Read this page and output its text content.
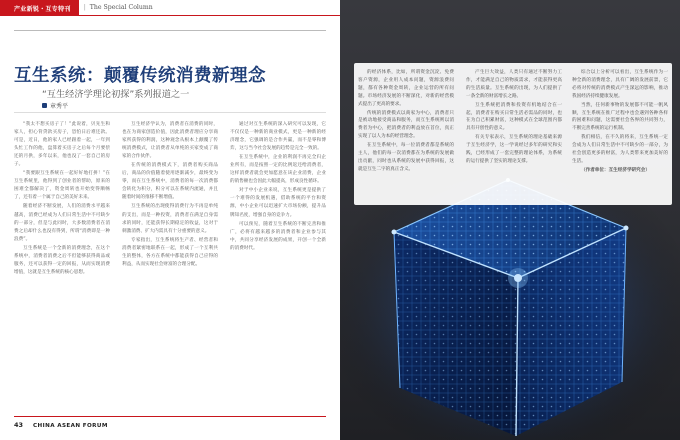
产业新锐・互专特刊	| The Special Column
互生系统：颠覆传统消费新理念
“互生经济学理论初探”系列报道之一
章秀平

“我太不想买房子了！”此说着，贝先生和家人，担心背贷款买房子，恐怕日后难还款。可是，近日，他的家人已经跟着一起，一年到头忙工作的他，盘算着买房子之后每个月要偿还的月供，多年以来，他也没了一套自己的房子。

“我要跟互生系统在一起好好地打拼！”在互生系统里，他得到了创业者的帮助，原来的困难全都解决了，资金周转也开始变得顺畅了，还有着一个属于自己的美好未来。

随着经济不断发展，人们的消费水平越来越高，消费已经成为人们日常生活中不可缺少的一部分，但是与此同时，大多数消费者在消费之后却什么也没有得到，所谓“消费即是一种浪费”。

互生系统是一个全新的消费理念，在这个系统中，消费者消费之后不但能够获得商品或服务，还可以获得一定的回报，从而实现消费增值，这就是互生系统的核心思想。

互生经济学认为，消费者在消费的同时，也在为商家创造价值，因此消费者理应分享商家所获得的利润，这种观念从根本上颠覆了传统消费模式，让消费者从单纯的买家变成了商家的合作伙伴。

在传统的消费模式下，消费者购买商品后，商品的价值随着使用逐渐减少，最终变为零，而在互生系统中，消费者的每一次消费都会转化为积分，积分可以在系统内流通，并且随着时间的推移不断增值。

互生系统的出现使得消费行为不再是单纯的支出，而是一种投资，消费者在满足自身需求的同时，还能获得长期稳定的收益，这对于刺激消费、扩大内需具有十分重要的意义。

专家指出，互生系统将生产者、经营者和消费者紧密地联系在一起，形成了一个互利共生的整体，各方在系统中都能获得自己应得的利益，从而实现社会财富的合理分配。

通过对互生系统的深入研究可以发现，它不仅仅是一种新的商业模式，更是一种新的经济理念，它强调的是合作共赢，而不是零和博弈，这与当今社会发展的趋势是完全一致的。

在互生系统中，企业的利润不再完全归企业所有，而是按照一定的比例返还给消费者，这样消费者就会更加愿意在该企业消费，企业的销售额也会因此大幅提高，形成良性循环。

对于中小企业来说，互生系统更是提供了一个难得的发展机遇，借助系统的平台和资源，中小企业可以迅速扩大市场份额，提升品牌知名度，增强自身的竞争力。

可以预见，随着互生系统的不断完善和推广，必将有越来越多的消费者和企业参与其中，共同分享经济发展的成果，开创一个全新的消费时代。

43 CHINA ASEAN FORUM

的经济体系，比如，所谓资金沉淀、免费客户资源，企业用人成本问题，资源浪费问题，都有各种资金周转，企业运营的所有问题。市场经济发展的不断深化，对新的经营模式提出了更高的要求。

传统的消费模式以商家为中心，消费者只是被动地接受商品和服务，而互生系统则以消费者为中心，把消费者的利益放在首位，真正实现了以人为本的经营理念。

在互生系统中，每一位消费者都是系统的主人，他们的每一次消费都在为系统的发展做出贡献，同时也从系统的发展中获得回报，这就是互生二字的真正含义。

产生巨大效益，人类只有通过不断努力工作，才能满足自己的物质需求，才能获得更高的生活质量。互生系统的出现，为人们提供了一条全新的财富增长之路。

互生系统把消费和投资有机地结合在一起，消费者在购买日常生活必需品的同时，也在为自己积累财富，这种模式在全球范围内都具有开创性的意义。

有关专家表示，互生系统的理论基础来源于互生经济学，这一学说经过多年的研究和实践，已经形成了一套完整的理论体系，为系统的运行提供了坚实的理论支撑。

综合以上分析可以看出，互生系统作为一种全新的消费理念，具有广阔的发展前景，它必将对传统的消费模式产生深远的影响，推动我国经济持续健康发展。

当然，任何新事物的发展都不可能一帆风顺，互生系统在推广过程中也会遇到各种各样的困难和问题，这需要社会各界的共同努力，不断完善系统的运行机制。

我们相信，在不久的将来，互生系统一定会成为人们日常生活中不可缺少的一部分，为社会创造更多的财富，为人类带来更加美好的生活。

（作者单位：互生经济学研究会）
